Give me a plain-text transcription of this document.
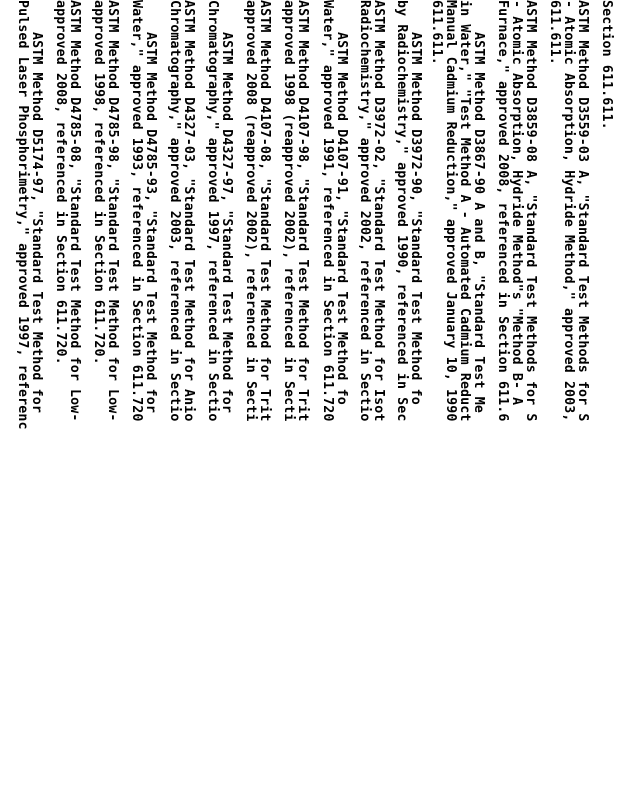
Section 611.611.
ASTM Method D3559-03 A, "Standard Test Methods for S
- Atomic Absorption, Hydride Method," approved 2003,
611.611.
ASTM Method D3859-08 A, "Standard Test Methods for S
- Atomic Absorption, Hydride Method"s "Method B- A
Furnace," approved 2008, referenced in Section 611.6
ASTM Method D3867-90 A and B, "Standard Test Me
in Water," "Test Method A - Automated Cadmium Reduct
Manual Cadmium Reduction," approved January 10, 1990
611.611.
ASTM Method D3972-90, "Standard Test Method fo
by Radiochemistry," approved 1990, referenced in Sec
ASTM Method D3972-02, "Standard Test Method for Isot
Radiochemistry," approved 2002, referenced in Sectio
ASTM Method D4107-91, "Standard Test Method fo
Water," approved 1991, referenced in Section 611.720
ASTM Method D4107-98, "Standard Test Method for Trit
approved 1998 (reapproved 2002), referenced in Secti
ASTM Method D4107-08, "Standard Test Method for Trit
approved 2008 (reapproved 2002), referenced in Secti
ASTM Method D4327-97, "Standard Test Method for
Chromatography," approved 1997, referenced in Sectio
ASTM Method D4327-03, "Standard Test Method for Anio
Chromatography," approved 2003, referenced in Sectio
ASTM Method D4785-93, "Standard Test Method for
Water," approved 1993, referenced in Section 611.720
ASTM Method D4785-98, "Standard Test Method for Low-
approved 1998, referenced in Section 611.720.
ASTM Method D4785-08, "Standard Test Method for Low-
approved 2008, referenced in Section 611.720.
ASTM Method D5174-97, "Standard Test Method for
Pulsed Laser Phosphorimetry," approved 1997, referenc
